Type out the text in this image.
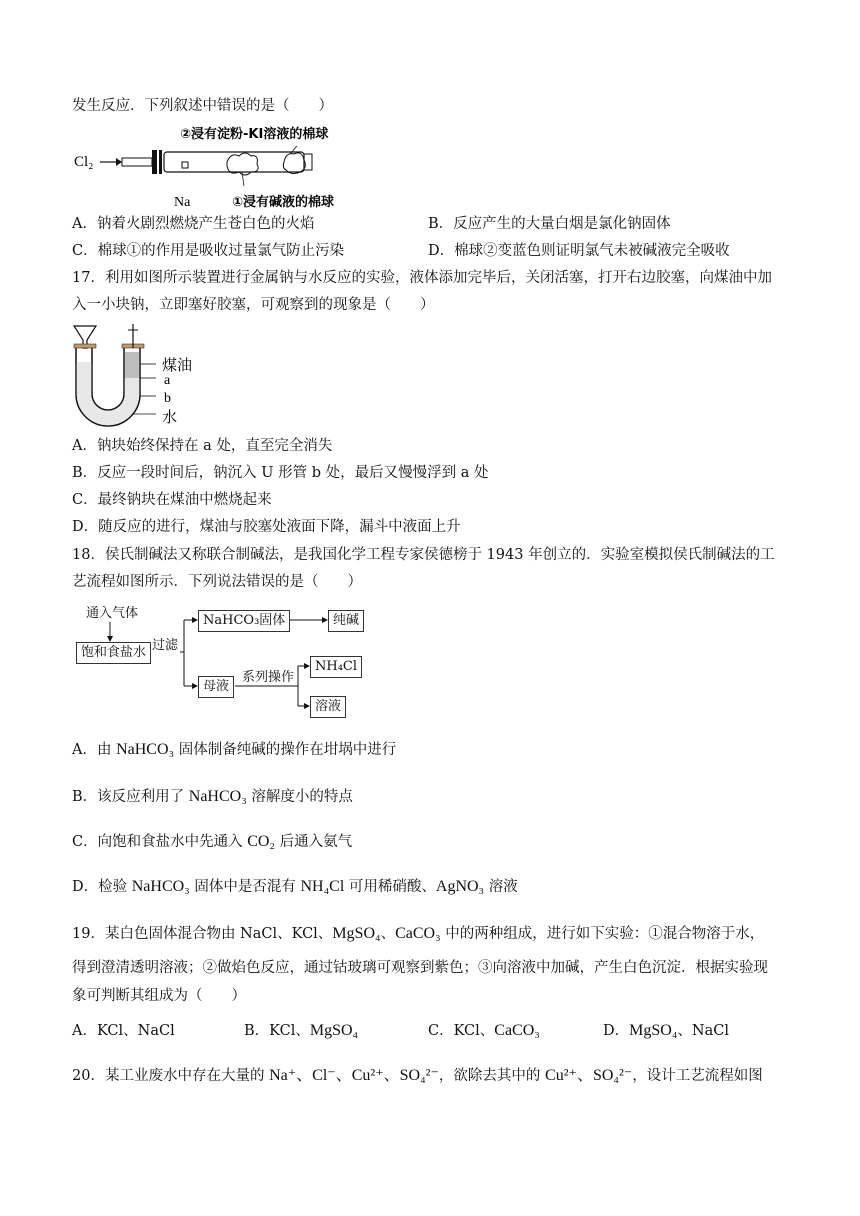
发生反应．下列叙述中错误的是（　　）
Cl₂
②浸有淀粉-KI溶液的棉球
Na	①浸有碱液的棉球
A．钠着火剧烈燃烧产生苍白色的火焰	B．反应产生的大量白烟是氯化钠固体
C．棉球①的作用是吸收过量氯气防止污染	D．棉球②变蓝色则证明氯气未被碱液完全吸收
17．利用如图所示装置进行金属钠与水反应的实验，液体添加完毕后，关闭活塞，打开右边胶塞，向煤油中加
入一小块钠，立即塞好胶塞，可观察到的现象是（　　）
煤油
a
b
水
A．钠块始终保持在 a 处，直至完全消失
B．反应一段时间后，钠沉入 U 形管 b 处，最后又慢慢浮到 a 处
C．最终钠块在煤油中燃烧起来
D．随反应的进行，煤油与胶塞处液面下降，漏斗中液面上升
18．侯氏制碱法又称联合制碱法，是我国化学工程专家侯德榜于 1943 年创立的．实验室模拟侯氏制碱法的工
艺流程如图所示．下列说法错误的是（　　）
通入气体
饱和食盐水 过滤
NaHCO₃固体	纯碱
母液
系列操作
NH₄Cl
溶液
A．由 NaHCO₃ 固体制备纯碱的操作在坩埚中进行
B．该反应利用了 NaHCO₃ 溶解度小的特点
C．向饱和食盐水中先通入 CO₂ 后通入氨气
D．检验 NaHCO₃ 固体中是否混有 NH₄Cl 可用稀硝酸、AgNO₃ 溶液
19．某白色固体混合物由 NaCl、KCl、MgSO₄、CaCO₃ 中的两种组成，进行如下实验：①混合物溶于水，
得到澄清透明溶液；②做焰色反应，通过钴玻璃可观察到紫色；③向溶液中加碱，产生白色沉淀．根据实验现
象可判断其组成为（　　）
A．KCl、NaCl	B．KCl、MgSO₄	C．KCl、CaCO₃	D．MgSO₄、NaCl
20．某工业废水中存在大量的 Na⁺、Cl⁻、Cu²⁺、SO₄²⁻，欲除去其中的 Cu²⁺、SO₄²⁻，设计工艺流程如图
